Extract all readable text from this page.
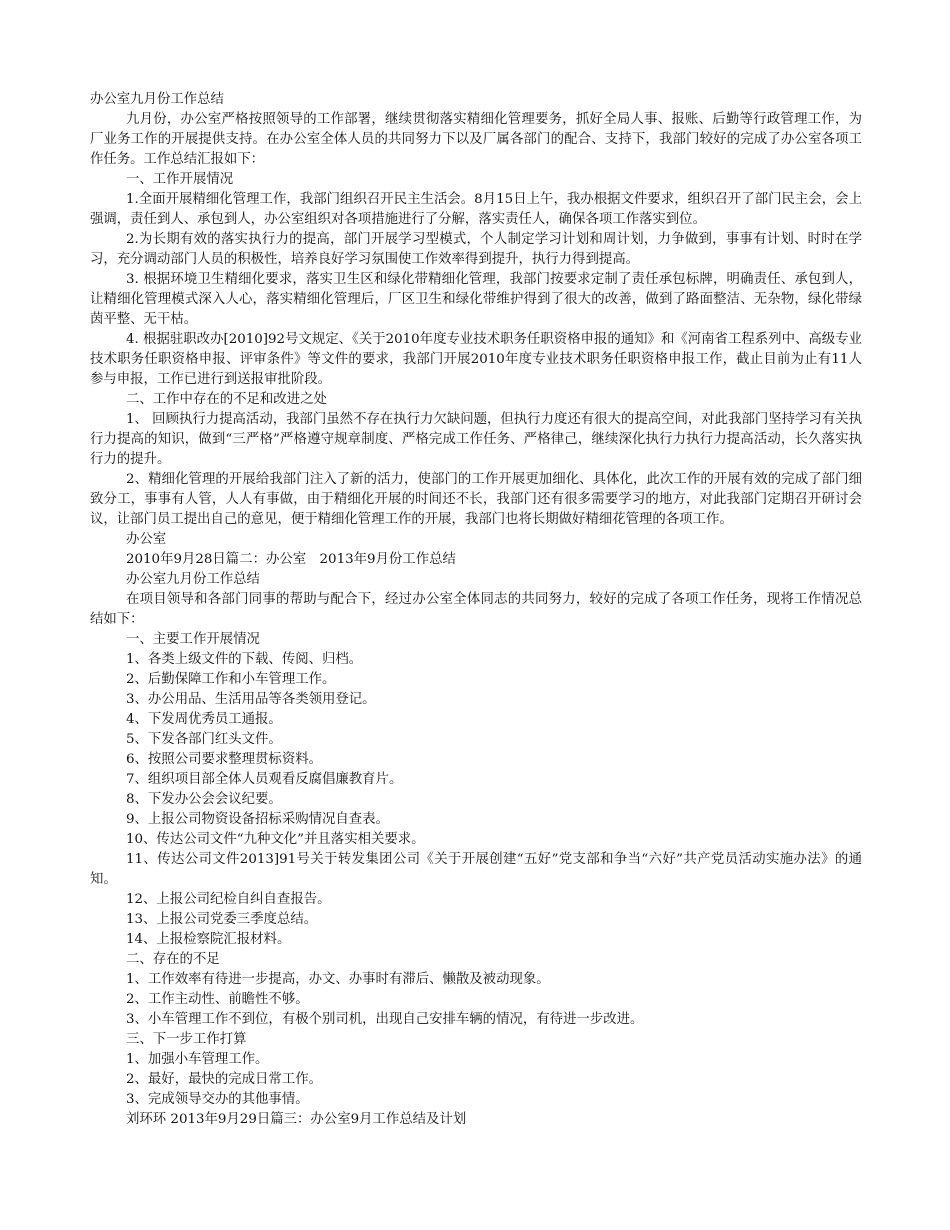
办公室九月份工作总结

九月份，办公室严格按照领导的工作部署，继续贯彻落实精细化管理要务，抓好全局人事、报账、后勤等行政管理工作，为厂业务工作的开展提供支持。在办公室全体人员的共同努力下以及厂属各部门的配合、支持下，我部门较好的完成了办公室各项工作任务。工作总结汇报如下：

一、工作开展情况

1.全面开展精细化管理工作，我部门组织召开民主生活会。8月15日上午，我办根据文件要求，组织召开了部门民主会，会上强调，责任到人、承包到人，办公室组织对各项措施进行了分解，落实责任人，确保各项工作落实到位。

2.为长期有效的落实执行力的提高，部门开展学习型模式，个人制定学习计划和周计划，力争做到，事事有计划、时时在学习，充分调动部门人员的积极性，培养良好学习氛围使工作效率得到提升，执行力得到提高。

3. 根据环境卫生精细化要求，落实卫生区和绿化带精细化管理，我部门按要求定制了责任承包标牌，明确责任、承包到人，让精细化管理模式深入人心，落实精细化管理后，厂区卫生和绿化带维护得到了很大的改善，做到了路面整洁、无杂物，绿化带绿茵平整、无干枯。

4. 根据驻职改办[2010]92号文规定、《关于2010年度专业技术职务任职资格申报的通知》和《河南省工程系列中、高级专业技术职务任职资格申报、评审条件》等文件的要求，我部门开展2010年度专业技术职务任职资格申报工作，截止目前为止有11人参与申报，工作已进行到送报审批阶段。

二、工作中存在的不足和改进之处

1、 回顾执行力提高活动，我部门虽然不存在执行力欠缺问题，但执行力度还有很大的提高空间，对此我部门坚持学习有关执行力提高的知识，做到“三严格”严格遵守规章制度、严格完成工作任务、严格律己，继续深化执行力执行力提高活动，长久落实执行力的提升。

2、精细化管理的开展给我部门注入了新的活力，使部门的工作开展更加细化、具体化，此次工作的开展有效的完成了部门细致分工，事事有人管，人人有事做，由于精细化开展的时间还不长，我部门还有很多需要学习的地方，对此我部门定期召开研讨会议，让部门员工提出自己的意见，便于精细化管理工作的开展，我部门也将长期做好精细花管理的各项工作。

办公室

2010年9月28日篇二：办公室　2013年9月份工作总结

办公室九月份工作总结

在项目领导和各部门同事的帮助与配合下，经过办公室全体同志的共同努力，较好的完成了各项工作任务，现将工作情况总结如下：

一、主要工作开展情况

1、各类上级文件的下载、传阅、归档。

2、后勤保障工作和小车管理工作。

3、办公用品、生活用品等各类领用登记。

4、下发周优秀员工通报。

5、下发各部门红头文件。

6、按照公司要求整理贯标资料。

7、组织项目部全体人员观看反腐倡廉教育片。

8、下发办公会会议纪要。

9、上报公司物资设备招标采购情况自查表。

10、传达公司文件“九种文化”并且落实相关要求。

11、传达公司文件2013]91号关于转发集团公司《关于开展创建“五好”党支部和争当“六好”共产党员活动实施办法》的通知。

12、上报公司纪检自纠自查报告。

13、上报公司党委三季度总结。

14、上报检察院汇报材料。

二、存在的不足

1、工作效率有待进一步提高，办文、办事时有滞后、懒散及被动现象。

2、工作主动性、前瞻性不够。

3、小车管理工作不到位，有极个别司机，出现自己安排车辆的情况，有待进一步改进。

三、下一步工作打算

1、加强小车管理工作。

2、最好，最快的完成日常工作。

3、完成领导交办的其他事情。

刘环环 2013年9月29日篇三：办公室9月工作总结及计划
